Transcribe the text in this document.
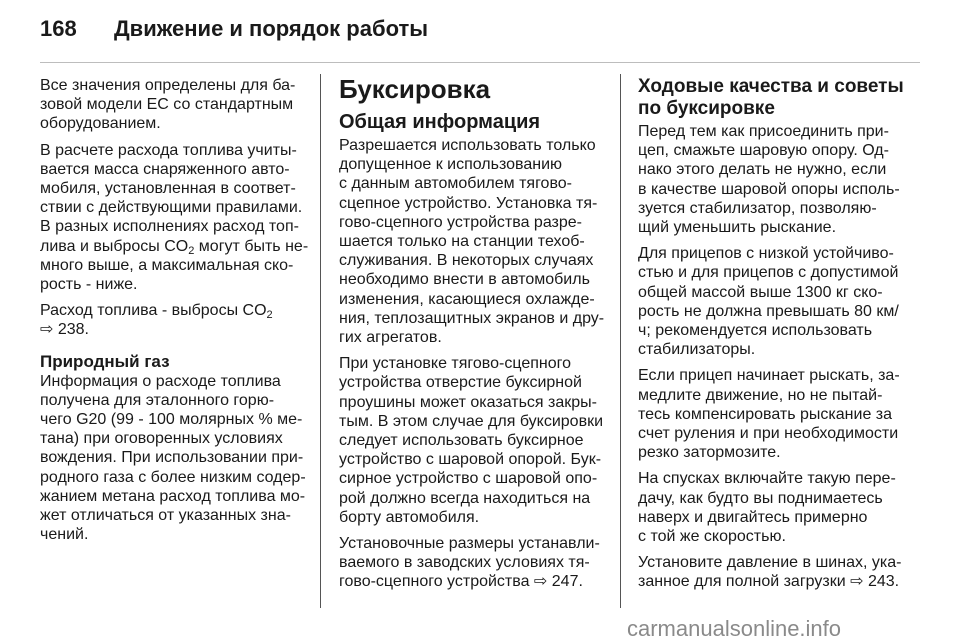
168 Движение и порядок работы

Все значения определены для ба-
зовой модели ЕС со стандартным
оборудованием.

В расчете расхода топлива учиты-
вается масса снаряженного авто-
мобиля, установленная в соответ-
ствии с действующими правилами.
В разных исполнениях расход топ-
лива и выбросы $CO_2$ могут быть не-
много выше, а максимальная ско-
рость - ниже.

Расход топлива - выбросы $CO_2$
⇨ 238.

Природный газ

Информация о расходе топлива
получена для эталонного горю-
чего G20 (99 - 100 молярных % ме-
тана) при оговоренных условиях
вождения. При использовании при-
родного газа с более низким содер-
жанием метана расход топлива мо-
жет отличаться от указанных зна-
чений.

Буксировка
Общая информация

Разрешается использовать только
допущенное к использованию
с данным автомобилем тягово-
сцепное устройство. Установка тя-
гово-сцепного устройства разре-
шается только на станции техоб-
служивания. В некоторых случаях
необходимо внести в автомобиль
изменения, касающиеся охлажде-
ния, теплозащитных экранов и дру-
гих агрегатов.

При установке тягово-сцепного
устройства отверстие буксирной
проушины может оказаться закры-
тым. В этом случае для буксировки
следует использовать буксирное
устройство с шаровой опорой. Бук-
сирное устройство с шаровой опо-
рой должно всегда находиться на
борту автомобиля.

Установочные размеры устанавли-
ваемого в заводских условиях тя-
гово-сцепного устройства ⇨ 247.

Ходовые качества и советы
по буксировке

Перед тем как присоединить при-
цеп, смажьте шаровую опору. Од-
нако этого делать не нужно, если
в качестве шаровой опоры исполь-
зуется стабилизатор, позволяю-
щий уменьшить рыскание.

Для прицепов с низкой устойчиво-
стью и для прицепов с допустимой
общей массой выше 1300 кг ско-
рость не должна превышать 80 км/
ч; рекомендуется использовать
стабилизаторы.

Если прицеп начинает рыскать, за-
медлите движение, но не пытай-
тесь компенсировать рыскание за
счет руления и при необходимости
резко затормозите.

На спусках включайте такую пере-
дачу, как будто вы поднимаетесь
наверх и двигайтесь примерно
с той же скоростью.

Установите давление в шинах, ука-
занное для полной загрузки ⇨ 243.

carmanualsonline.info
